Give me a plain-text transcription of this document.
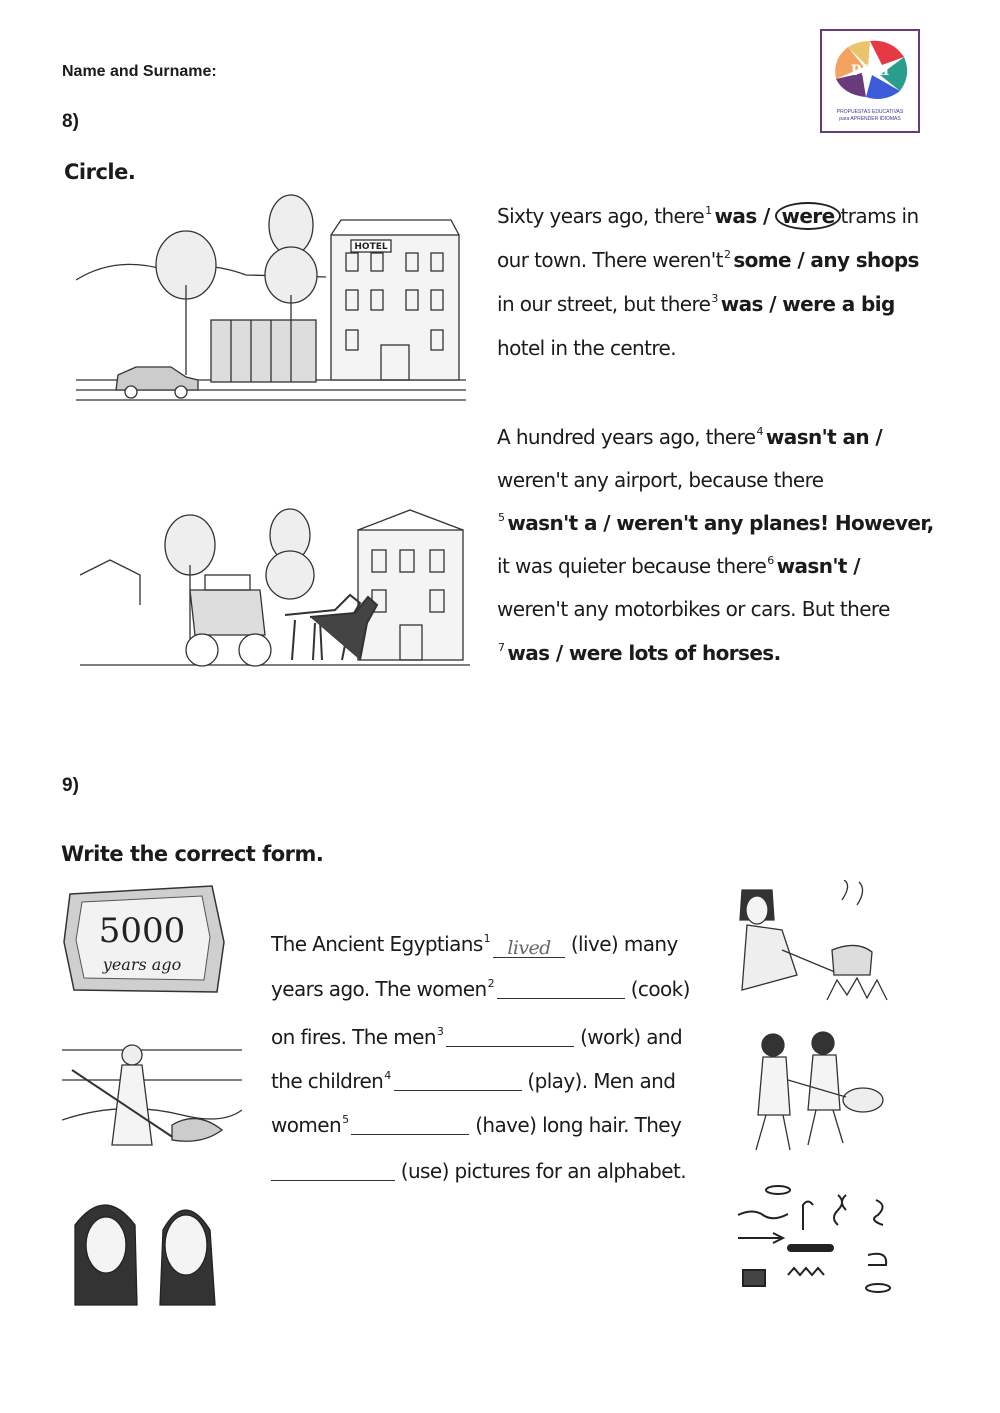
Name and Surname:	PEAI
PROPUESTAS EDUCATIVAS
para APRENDER IDIOMAS
8)
Circle.
HOTEL
Sixty years ago, there$^1$ was / were trams in
our town. There $weren't^2$ some / any shops
in our street, but there$^3$ was / were a big
hotel in the centre.
A hundred years ago, there$^4$ wasn't an /
weren't any airport, because there
$^5$ wasn't a / weren't any planes! However,
it was quieter because there$^6$ wasn't /
weren't any motorbikes or cars. But there
$^7$ was / were lots of horses.
9)
Write the correct form.
5000
years ago
The Ancient Egyptians$^1$ lived (live) many
years ago. The women$^2$	(cook)
on fires. The men$^3$	(work) and
the children$^4$	(play). Men and
women$^5$	(have) long hair. They
(use) pictures for an alphabet.
